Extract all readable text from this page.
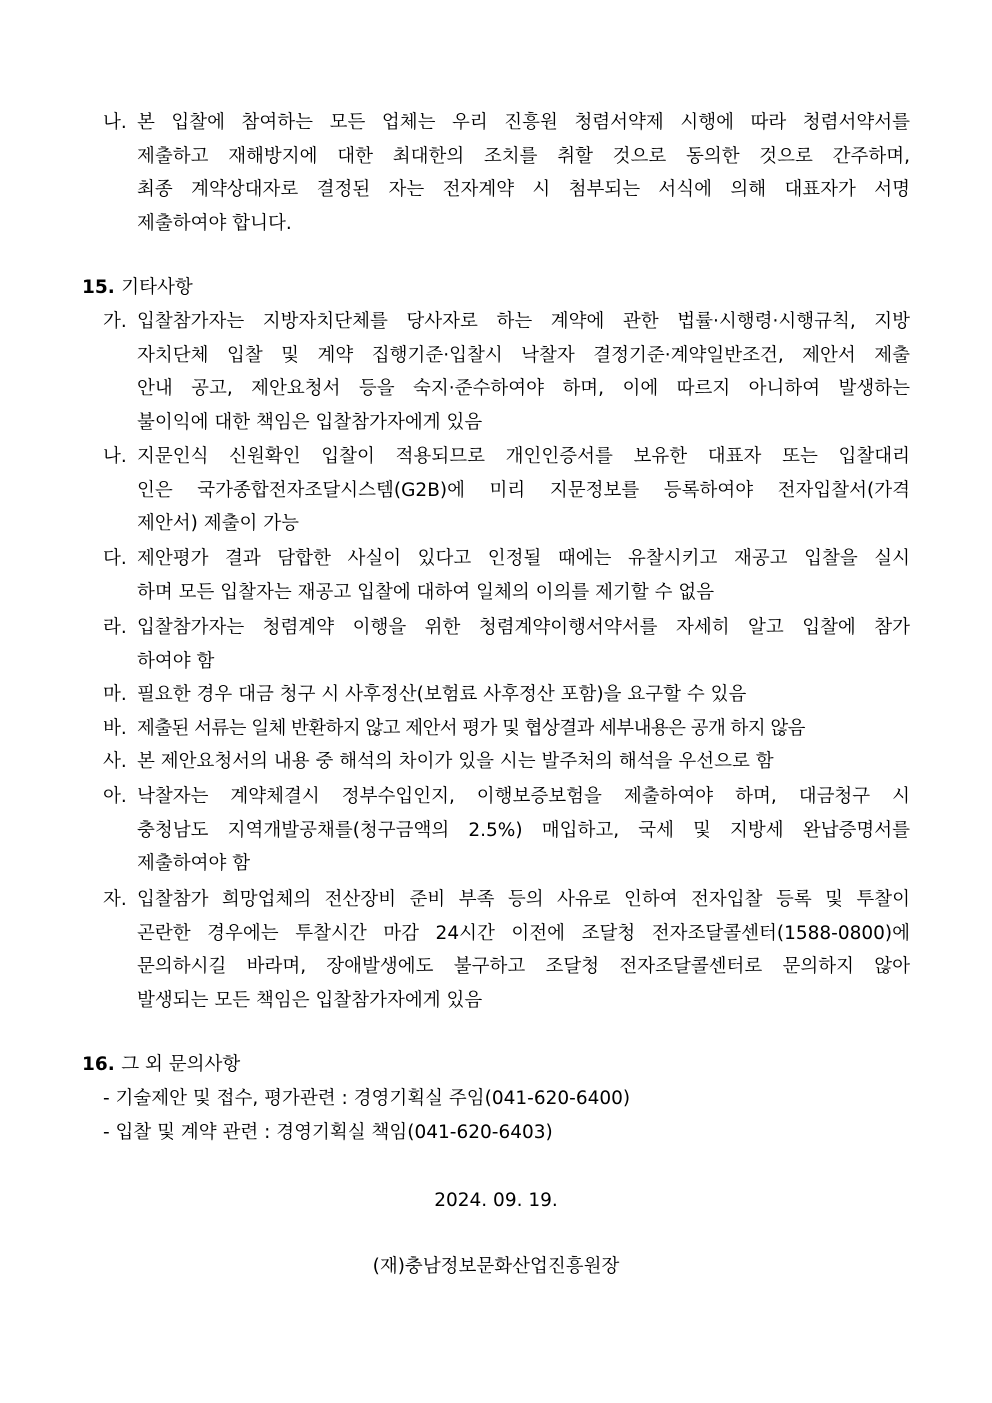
나. 본 입찰에 참여하는 모든 업체는 우리 진흥원 청렴서약제 시행에 따라 청렴서약서를
제출하고 재해방지에 대한 최대한의 조치를 취할 것으로 동의한 것으로 간주하며,
최종 계약상대자로 결정된 자는 전자계약 시 첨부되는 서식에 의해 대표자가 서명
제출하여야 합니다.
15. 기타사항
가. 입찰참가자는 지방자치단체를 당사자로 하는 계약에 관한 법률·시행령·시행규칙, 지방
자치단체 입찰 및 계약 집행기준·입찰시 낙찰자 결정기준·계약일반조건, 제안서 제출
안내 공고, 제안요청서 등을 숙지·준수하여야 하며, 이에 따르지 아니하여 발생하는
불이익에 대한 책임은 입찰참가자에게 있음
나. 지문인식 신원확인 입찰이 적용되므로 개인인증서를 보유한 대표자 또는 입찰대리
인은 국가종합전자조달시스템(G2B)에 미리 지문정보를 등록하여야 전자입찰서(가격
제안서) 제출이 가능
다. 제안평가 결과 담합한 사실이 있다고 인정될 때에는 유찰시키고 재공고 입찰을 실시
하며 모든 입찰자는 재공고 입찰에 대하여 일체의 이의를 제기할 수 없음
라. 입찰참가자는 청렴계약 이행을 위한 청렴계약이행서약서를 자세히 알고 입찰에 참가
하여야 함
마. 필요한 경우 대금 청구 시 사후정산(보험료 사후정산 포함)을 요구할 수 있음
바. 제출된 서류는 일체 반환하지 않고 제안서 평가 및 협상결과 세부내용은 공개 하지 않음
사. 본 제안요청서의 내용 중 해석의 차이가 있을 시는 발주처의 해석을 우선으로 함
아. 낙찰자는 계약체결시 정부수입인지, 이행보증보험을 제출하여야 하며, 대금청구 시
충청남도 지역개발공채를(청구금액의 2.5%) 매입하고, 국세 및 지방세 완납증명서를
제출하여야 함
자. 입찰참가 희망업체의 전산장비 준비 부족 등의 사유로 인하여 전자입찰 등록 및 투찰이
곤란한 경우에는 투찰시간 마감 24시간 이전에 조달청 전자조달콜센터(1588-0800)에
문의하시길 바라며, 장애발생에도 불구하고 조달청 전자조달콜센터로 문의하지 않아
발생되는 모든 책임은 입찰참가자에게 있음
16. 그 외 문의사항
- 기술제안 및 접수, 평가관련 : 경영기획실 주임(041-620-6400)
- 입찰 및 계약 관련 : 경영기획실 책임(041-620-6403)
2024. 09. 19.
(재)충남정보문화산업진흥원장
